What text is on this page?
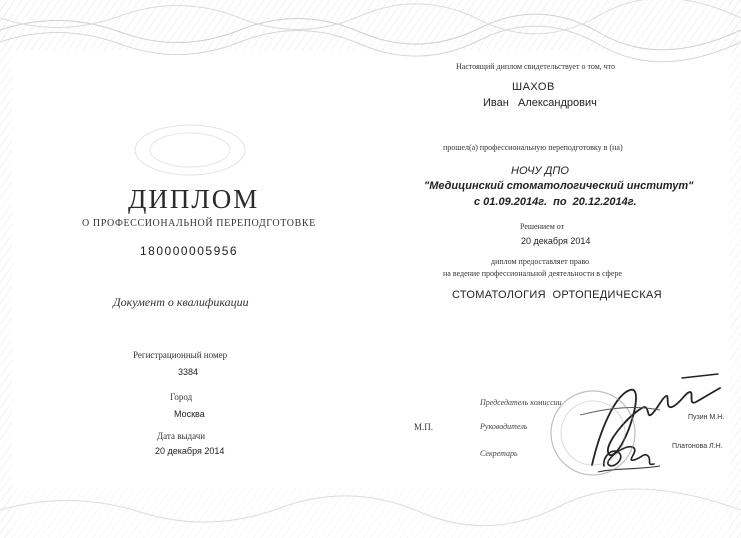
ДИПЛОМ
О ПРОФЕССИОНАЛЬНОЙ ПЕРЕПОДГОТОВКЕ
180000005956
Документ о квалификации
Регистрационный номер
3384
Город
Москва
Дата выдачи
20 декабря 2014
Настоящий диплом свидетельствует о том, что
ШАХОВ
Иван   Александрович
прошел(а) профессиональную переподготовку в (на)
НОЧУ ДПО
"Медицинский стоматологический институт"
с 01.09.2014г.  по  20.12.2014г.
Решением от
20 декабря 2014
диплом предоставляет право
на ведение профессиональной деятельности в сфере
СТОМАТОЛОГИЯ  ОРТОПЕДИЧЕСКАЯ
М.П.
Председатель комиссии
Руководитель
Секретарь
Пузин М.Н.
Платонова Л.Н.
